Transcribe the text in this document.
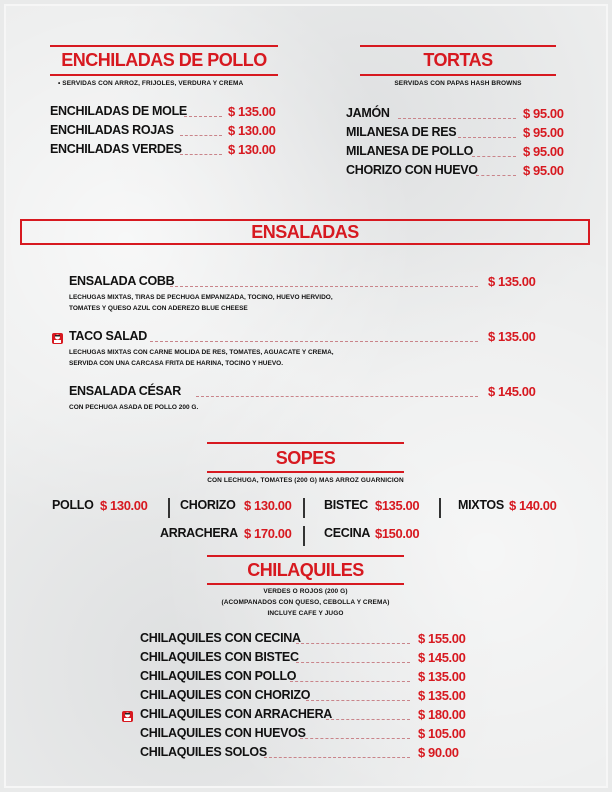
ENCHILADAS DE POLLO
• SERVIDAS CON ARROZ, FRIJOLES, VERDURA Y CREMA
ENCHILADAS DE MOLE	$ 135.00
ENCHILADAS ROJAS	$ 130.00
ENCHILADAS VERDES	$ 130.00
TORTAS
SERVIDAS CON PAPAS HASH BROWNS
JAMÓN	$ 95.00
MILANESA DE RES	$ 95.00
MILANESA DE POLLO	$ 95.00
CHORIZO CON HUEVO	$ 95.00
ENSALADAS
ENSALADA COBB	$ 135.00
LECHUGAS MIXTAS, TIRAS DE PECHUGA EMPANIZADA, TOCINO, HUEVO HERVIDO,
TOMATES Y QUESO AZUL CON ADEREZO BLUE CHEESE
TACO SALAD	$ 135.00
LECHUGAS MIXTAS CON CARNE MOLIDA DE RES, TOMATES, AGUACATE Y CREMA,
SERVIDA CON UNA CARCASA FRITA DE HARINA, TOCINO Y HUEVO.
ENSALADA CÉSAR	$ 145.00
CON PECHUGA ASADA DE POLLO 200 G.
SOPES
CON LECHUGA, TOMATES (200 G) MAS ARROZ GUARNICION
POLLO $ 130.00	CHORIZO $ 130.00	BISTEC $135.00	MIXTOS $ 140.00
ARRACHERA $ 170.00	CECINA $150.00
CHILAQUILES
VERDES O ROJOS (200 G)
(ACOMPANADOS CON QUESO, CEBOLLA Y CREMA)
INCLUYE CAFE Y JUGO
CHILAQUILES CON CECINA	$ 155.00
CHILAQUILES CON BISTEC	$ 145.00
CHILAQUILES CON POLLO	$ 135.00
CHILAQUILES CON CHORIZO	$ 135.00
CHILAQUILES CON ARRACHERA	$ 180.00
CHILAQUILES CON HUEVOS	$ 105.00
CHILAQUILES SOLOS	$ 90.00
